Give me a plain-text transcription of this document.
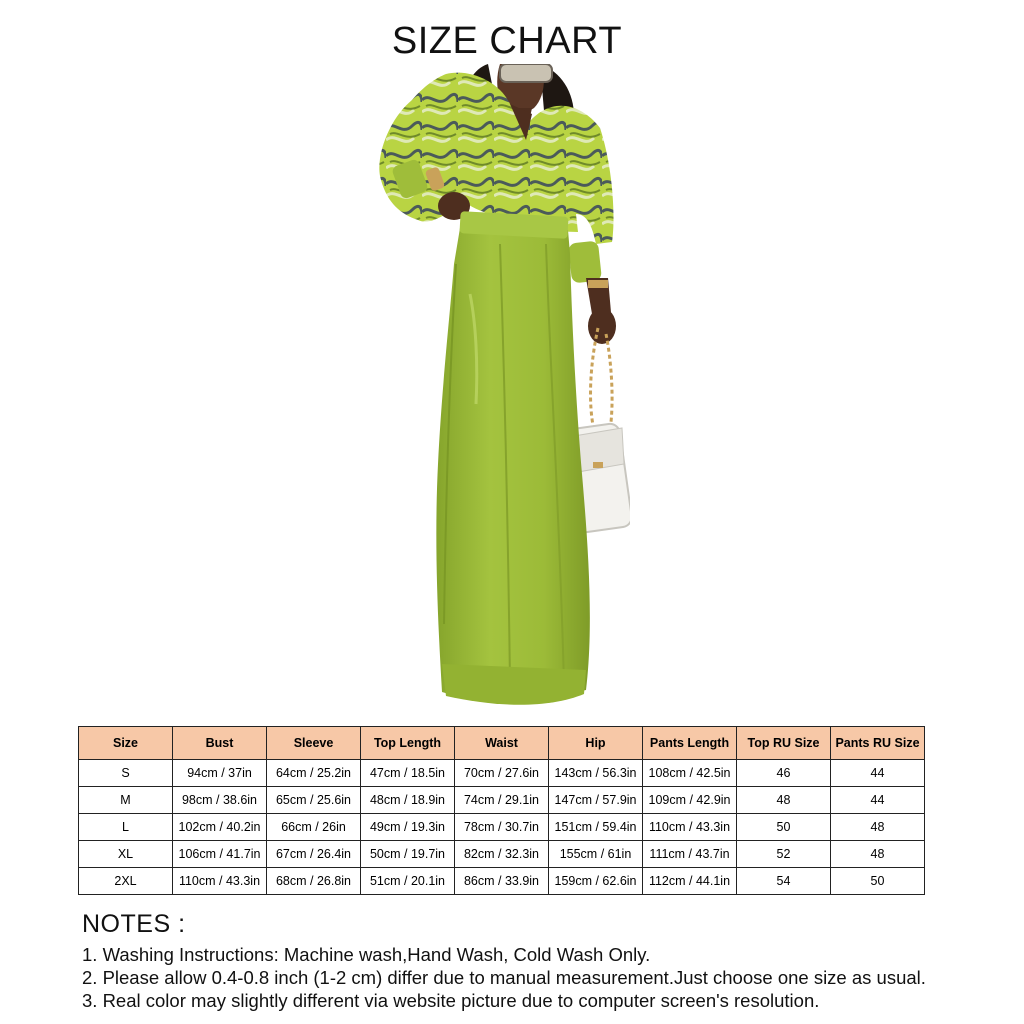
SIZE CHART
Size	Bust	Sleeve	Top Length	Waist	Hip	Pants Length	Top RU Size	Pants RU Size
S	94cm / 37in	64cm / 25.2in	47cm / 18.5in	70cm / 27.6in	143cm / 56.3in	108cm / 42.5in	46	44
M	98cm / 38.6in	65cm / 25.6in	48cm / 18.9in	74cm / 29.1in	147cm / 57.9in	109cm / 42.9in	48	44
L	102cm / 40.2in	66cm / 26in	49cm / 19.3in	78cm / 30.7in	151cm / 59.4in	110cm / 43.3in	50	48
XL	106cm / 41.7in	67cm / 26.4in	50cm / 19.7in	82cm / 32.3in	155cm / 61in	111cm / 43.7in	52	48
2XL	110cm / 43.3in	68cm / 26.8in	51cm / 20.1in	86cm / 33.9in	159cm / 62.6in	112cm / 44.1in	54	50
NOTES :
1. Washing Instructions: Machine wash,Hand Wash, Cold Wash Only.
2. Please allow 0.4-0.8 inch (1-2 cm) differ due to manual measurement.Just choose one size as usual.
3. Real color may slightly different via website picture due to computer screen's resolution.
